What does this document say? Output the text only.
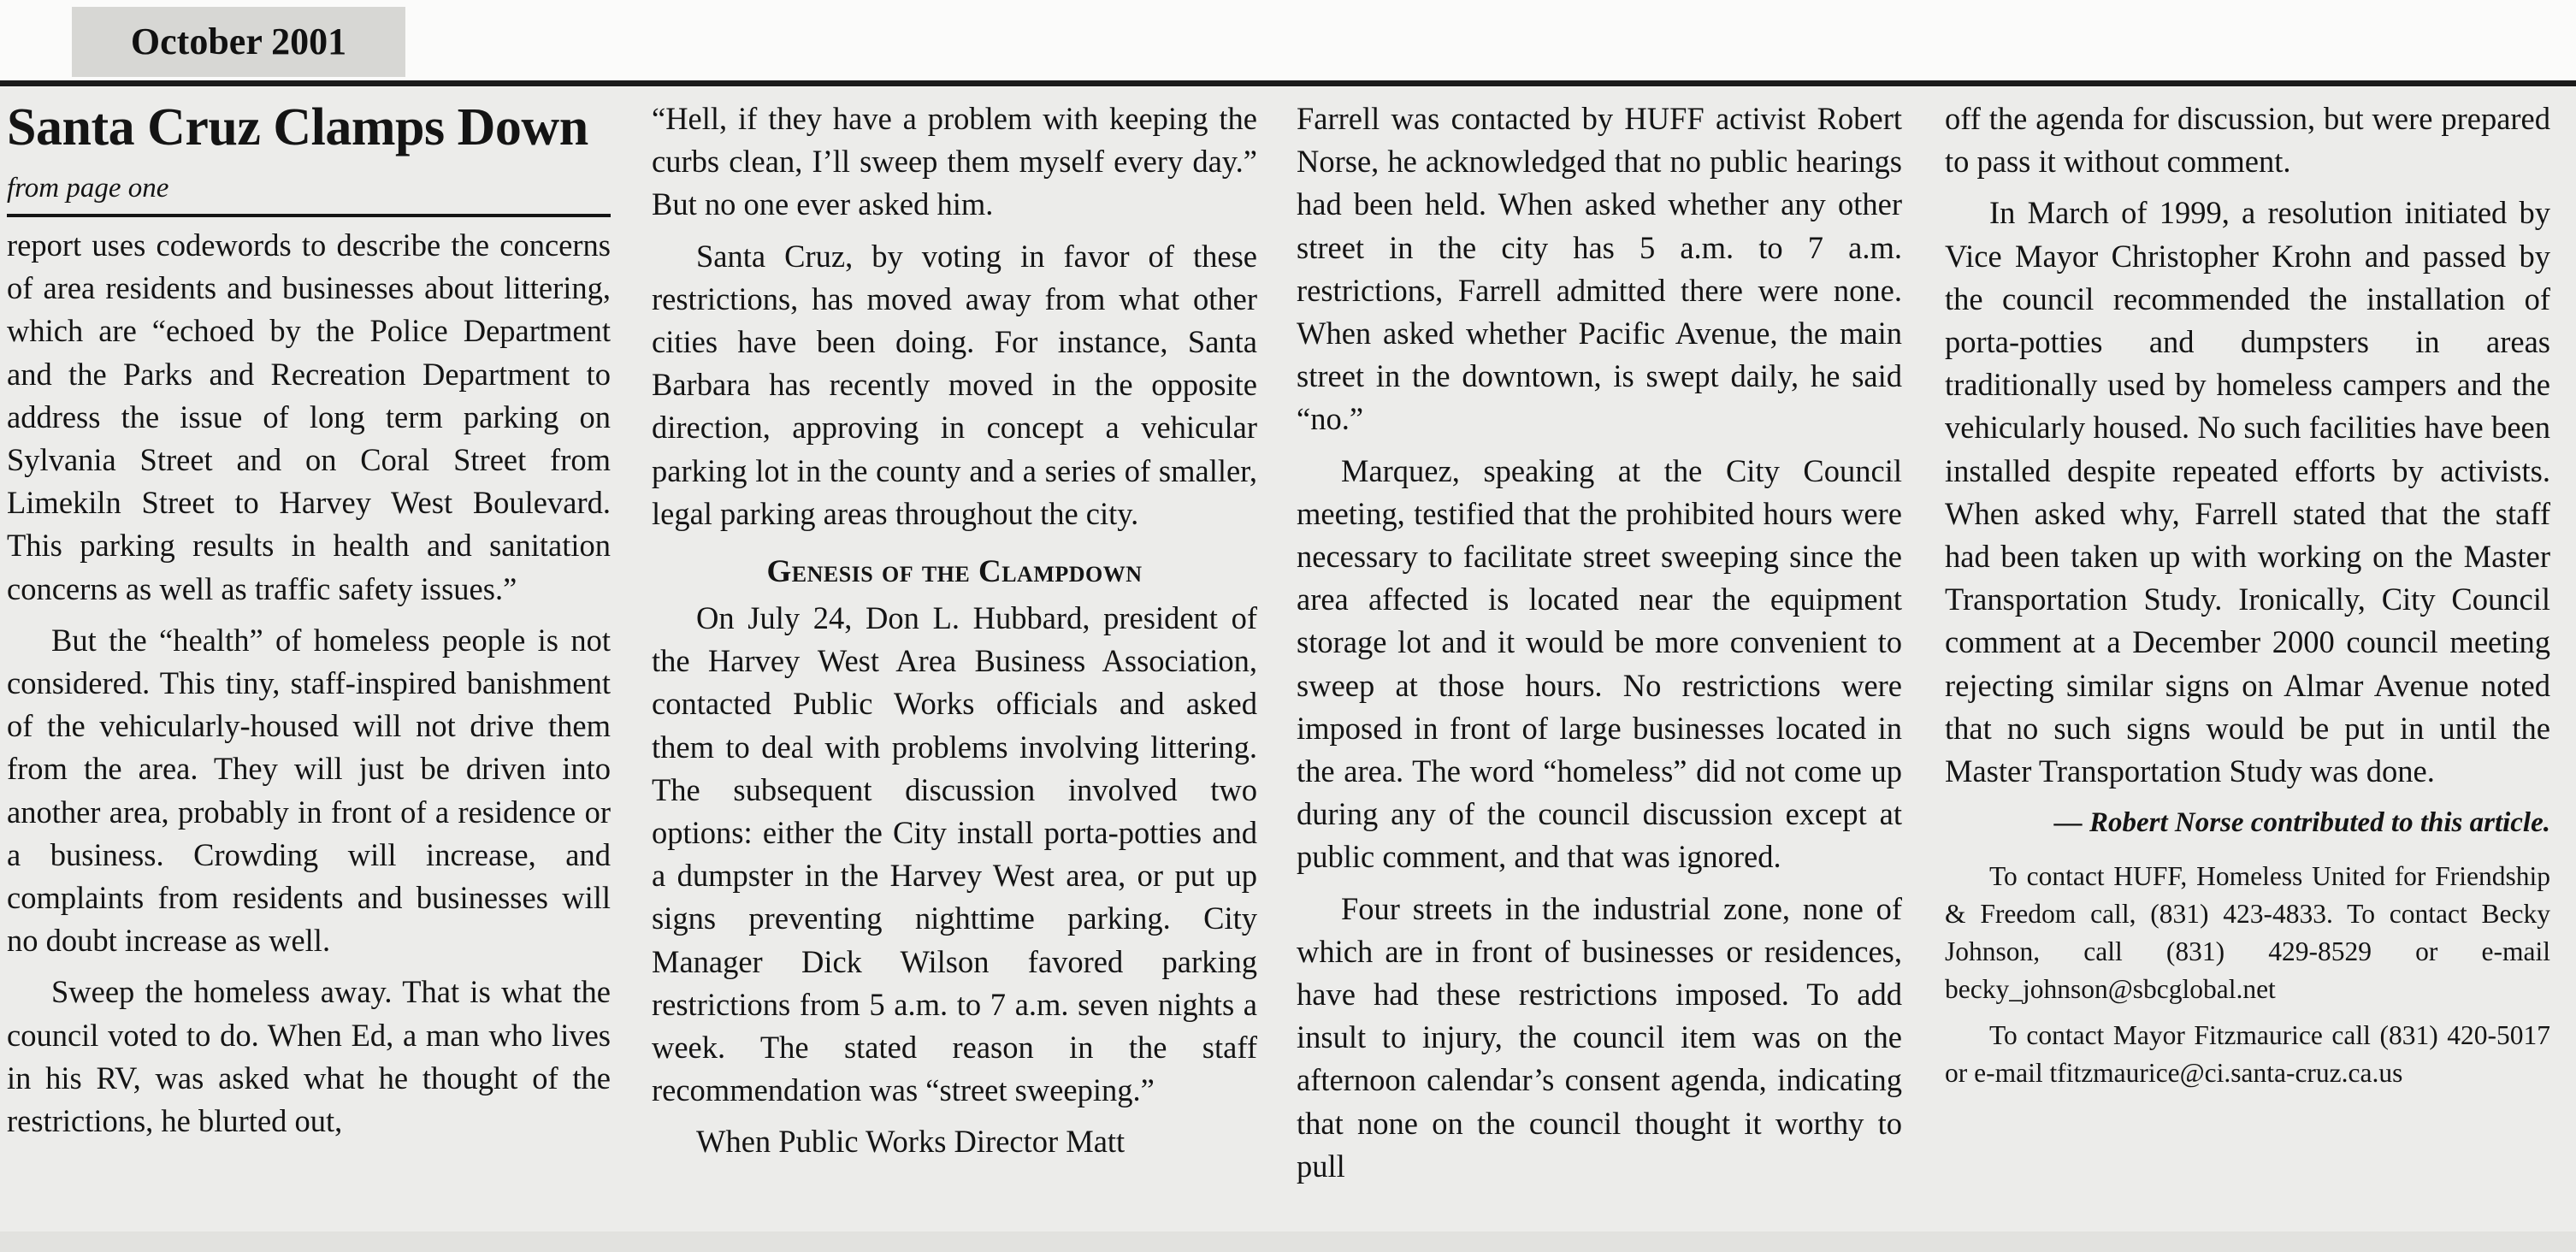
October 2001
Santa Cruz Clamps Down
from page one

report uses codewords to describe the concerns of area residents and businesses about littering, which are “echoed by the Police Department and the Parks and Recreation Department to address the issue of long term parking on Sylvania Street and on Coral Street from Limekiln Street to Harvey West Boulevard. This parking results in health and sanitation concerns as well as traffic safety issues.”

But the “health” of homeless people is not considered. This tiny, staff-inspired banishment of the vehicularly-housed will not drive them from the area. They will just be driven into another area, probably in front of a residence or a business. Crowding will increase, and complaints from residents and businesses will no doubt increase as well.

Sweep the homeless away. That is what the council voted to do. When Ed, a man who lives in his RV, was asked what he thought of the restrictions, he blurted out,

“Hell, if they have a problem with keeping the curbs clean, I’ll sweep them myself every day.” But no one ever asked him.

Santa Cruz, by voting in favor of these restrictions, has moved away from what other cities have been doing. For instance, Santa Barbara has recently moved in the opposite direction, approving in concept a vehicular parking lot in the county and a series of smaller, legal parking areas throughout the city.

Genesis of the Clampdown

On July 24, Don L. Hubbard, president of the Harvey West Area Business Association, contacted Public Works officials and asked them to deal with problems involving littering. The subsequent discussion involved two options: either the City install porta-potties and a dumpster in the Harvey West area, or put up signs preventing nighttime parking. City Manager Dick Wilson favored parking restrictions from 5 a.m. to 7 a.m. seven nights a week. The stated reason in the staff recommendation was “street sweeping.”

When Public Works Director Matt

Farrell was contacted by HUFF activist Robert Norse, he acknowledged that no public hearings had been held. When asked whether any other street in the city has 5 a.m. to 7 a.m. restrictions, Farrell admitted there were none. When asked whether Pacific Avenue, the main street in the downtown, is swept daily, he said “no.”

Marquez, speaking at the City Council meeting, testified that the prohibited hours were necessary to facilitate street sweeping since the area affected is located near the equipment storage lot and it would be more convenient to sweep at those hours. No restrictions were imposed in front of large businesses located in the area. The word “homeless” did not come up during any of the council discussion except at public comment, and that was ignored.

Four streets in the industrial zone, none of which are in front of businesses or residences, have had these restrictions imposed. To add insult to injury, the council item was on the afternoon calendar’s consent agenda, indicating that none on the council thought it worthy to pull

off the agenda for discussion, but were prepared to pass it without comment.

In March of 1999, a resolution initiated by Vice Mayor Christopher Krohn and passed by the council recommended the installation of porta-potties and dumpsters in areas traditionally used by homeless campers and the vehicularly housed. No such facilities have been installed despite repeated efforts by activists. When asked why, Farrell stated that the staff had been taken up with working on the Master Transportation Study. Ironically, City Council comment at a December 2000 council meeting rejecting similar signs on Almar Avenue noted that no such signs would be put in until the Master Transportation Study was done.

— Robert Norse contributed to this article.

To contact HUFF, Homeless United for Friendship & Freedom call, (831) 423-4833. To contact Becky Johnson, call (831) 429-8529 or e-mail becky_johnson@sbcglobal.net

To contact Mayor Fitzmaurice call (831) 420-5017 or e-mail tfitzmaurice@ci.santa-cruz.ca.us
